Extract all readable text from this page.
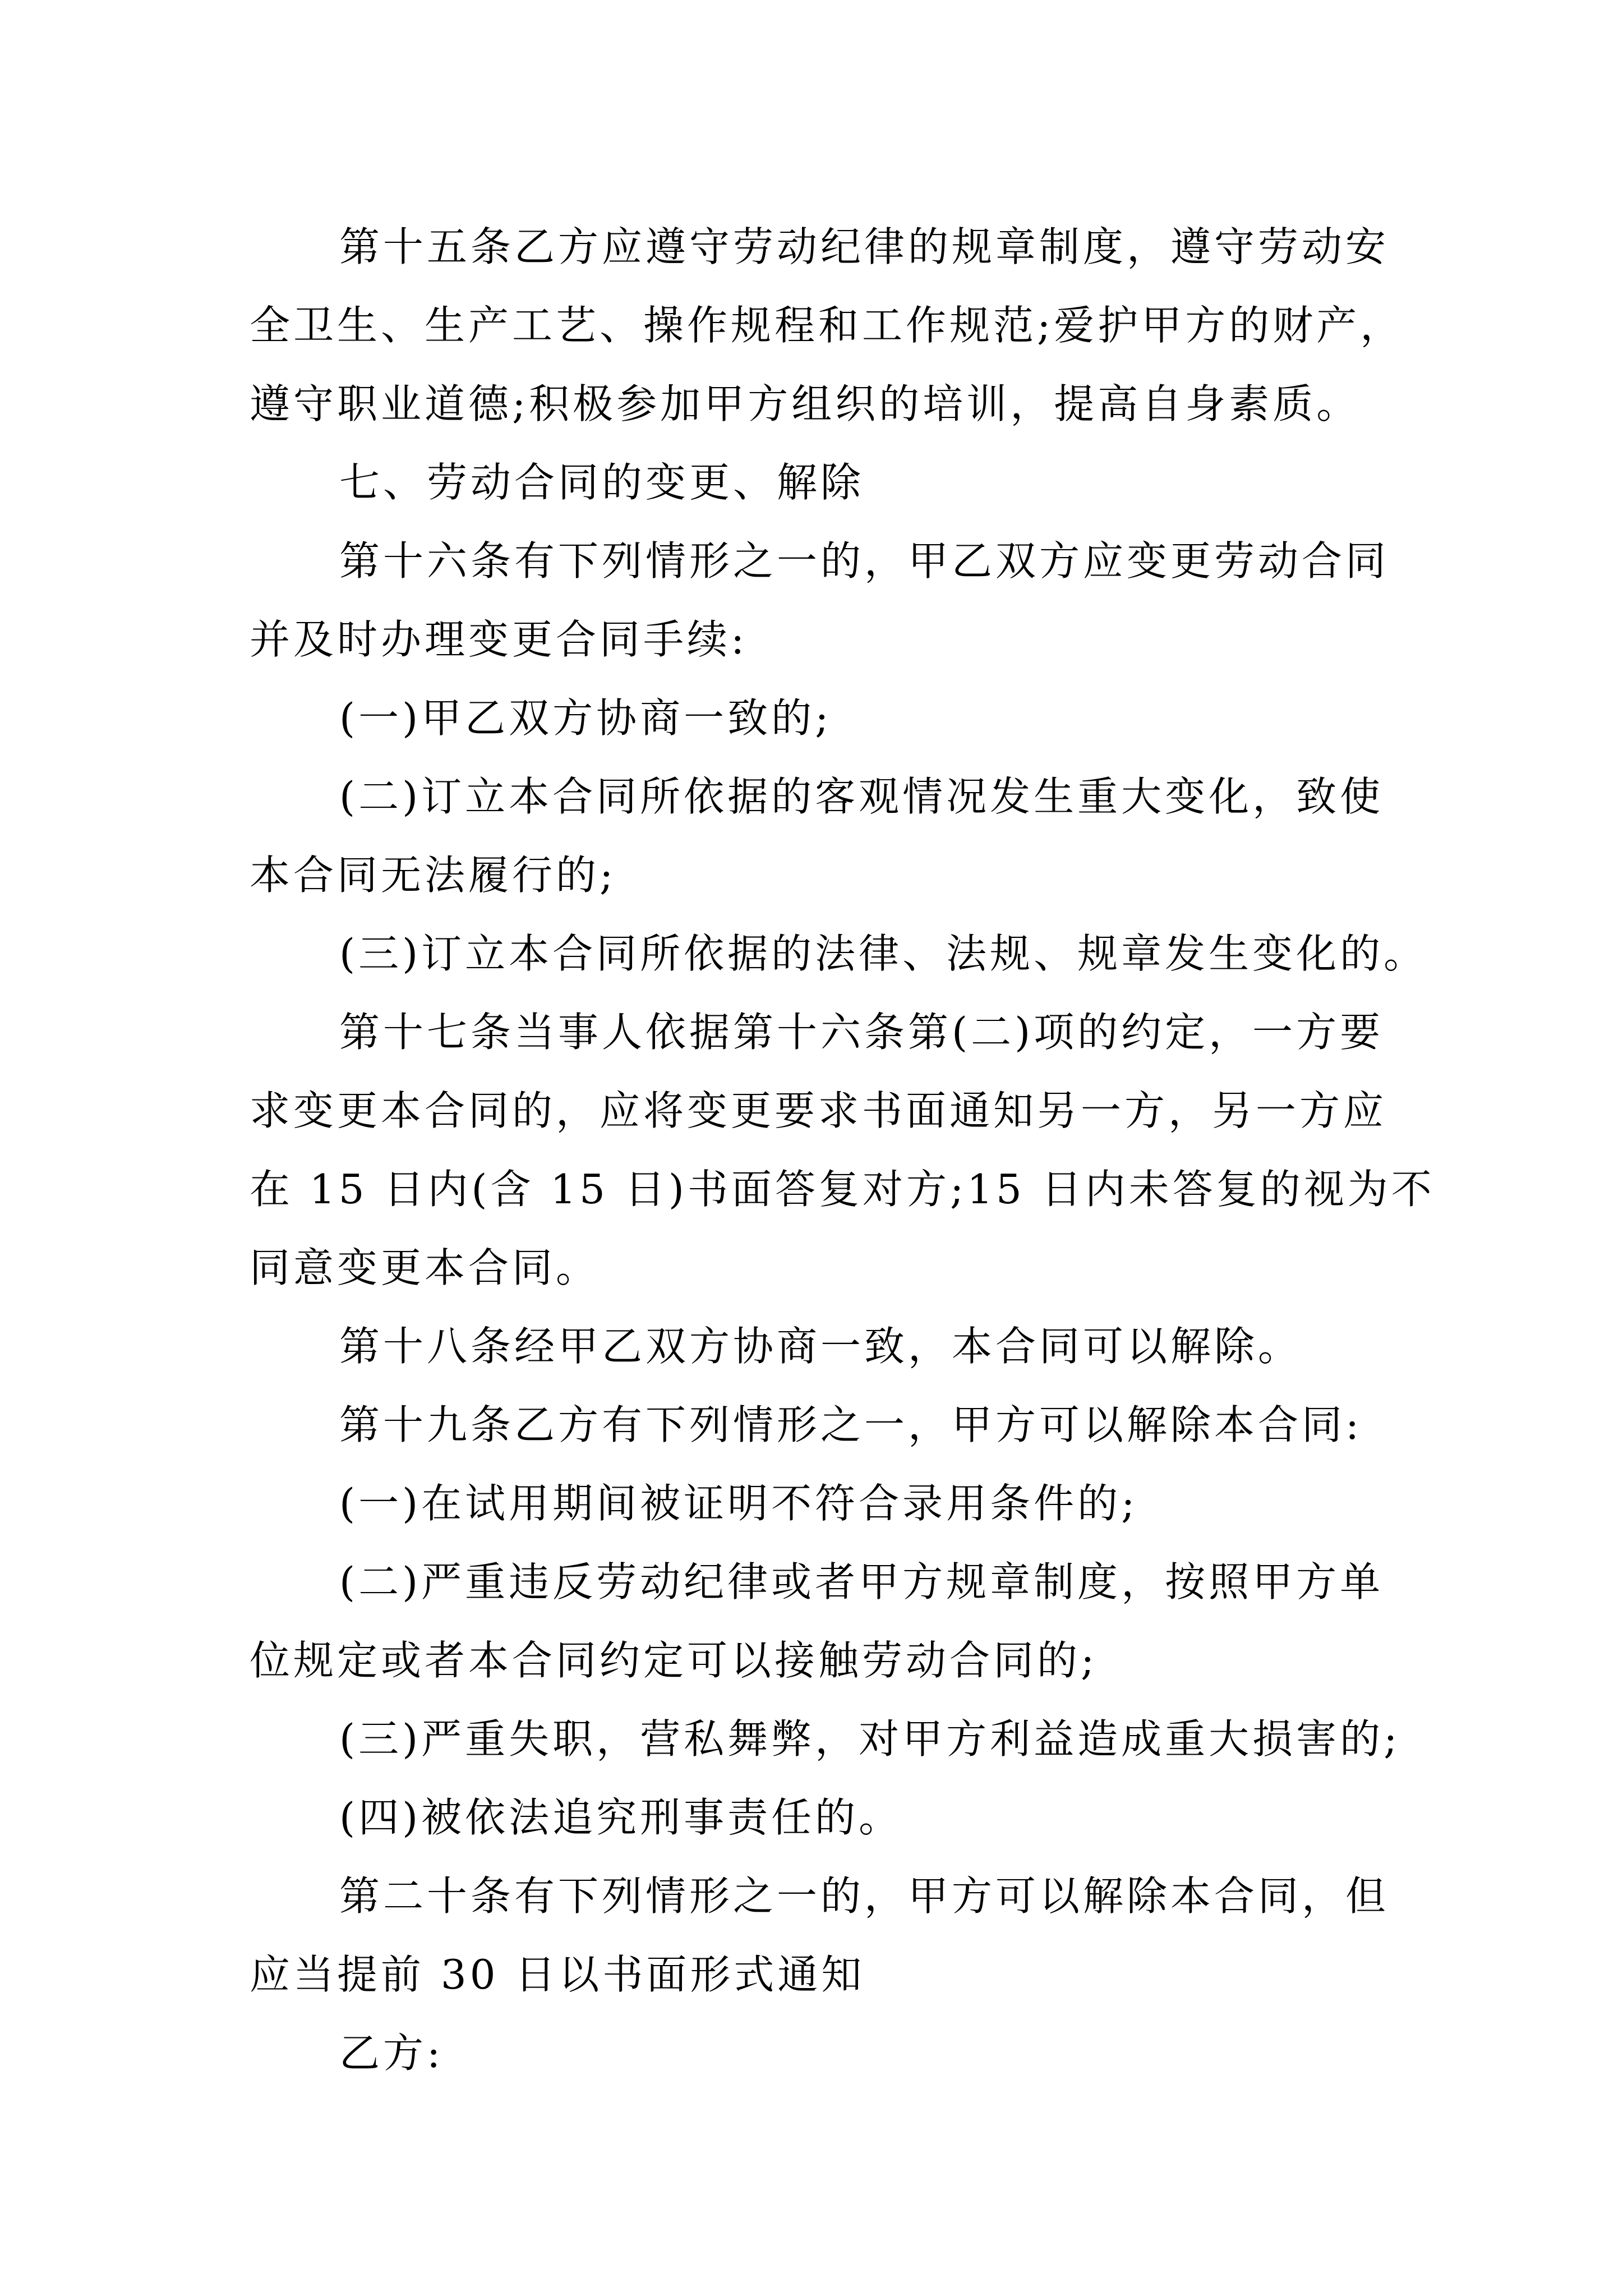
第十五条乙方应遵守劳动纪律的规章制度，遵守劳动安
全卫生、生产工艺、操作规程和工作规范;爱护甲方的财产，
遵守职业道德;积极参加甲方组织的培训，提高自身素质。
七、劳动合同的变更、解除
第十六条有下列情形之一的，甲乙双方应变更劳动合同
并及时办理变更合同手续:
(一)甲乙双方协商一致的;
(二)订立本合同所依据的客观情况发生重大变化，致使
本合同无法履行的;
(三)订立本合同所依据的法律、法规、规章发生变化的。
第十七条当事人依据第十六条第(二)项的约定，一方要
求变更本合同的，应将变更要求书面通知另一方，另一方应
在 15 日内(含 15 日)书面答复对方;15 日内未答复的视为不
同意变更本合同。
第十八条经甲乙双方协商一致，本合同可以解除。
第十九条乙方有下列情形之一，甲方可以解除本合同:
(一)在试用期间被证明不符合录用条件的;
(二)严重违反劳动纪律或者甲方规章制度，按照甲方单
位规定或者本合同约定可以接触劳动合同的;
(三)严重失职，营私舞弊，对甲方利益造成重大损害的;
(四)被依法追究刑事责任的。
第二十条有下列情形之一的，甲方可以解除本合同，但
应当提前 30 日以书面形式通知
乙方:
